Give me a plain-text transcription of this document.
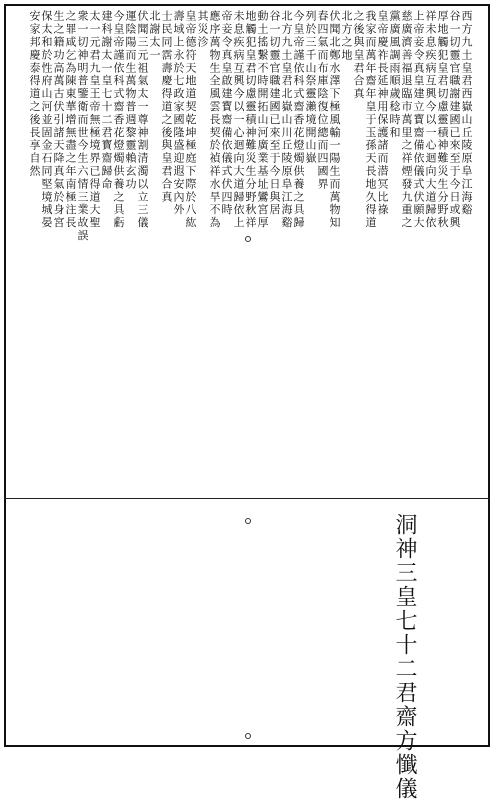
西方九土皇君西嶽山丘陵原阜江海谿
谷一切靈官職謝建國已來至于今日或興
厚地觸犯皇君切慮靈積神難災生分野秋
祥未息疾病互興今以一心迴向大道歸依
上帝妾令真皇建立寳齋備依儀式伏願大
慈廣濟善福退臨市萬里之祥煙發九重之
黨廣風調雨順歲稔時和
皇帝慶祚長延神用保護諸而潜冥比祿
我家而萬年齋年皇于玉孫天長地久得道
之後與皇君合真
北方之地
伏聞北鄭水澤下極風輸一陽生而萬物知
春四氣而布庫陰復位總而四國界
列於三千山祭靈瀨境開山嶽
今皇帝謹依科式齋香花燈燭供養之具歸
北方九土皇君北嶽山川丘陵原阜江海谿
谷一切靈官職建國已來至于今日與居
動土搖繫不時開拓山河廣業基址鸞宮厚
地觸犯皇君切慮靈積神難災生分野秋祥
未息疾病互興今以一心迴向大道歸依上
帝妾令真皇啟建寳齋備依儀式伏四時
應序萬物生全風雲長契於禎祥水旱不為
其災沴
皇帝德符天地道契乾坤極庭下際於八紘
壽域上永於七政家國隆盛迎遐安內外
士民同霑壽慶得道之後與皇君合真
北謝太一
伏聞三元祖氣太一尊神割清濁以立三儀
運陰陽而生萬物普週黎靈賴玄功
今皇帝謹依科式齋香花燈燭供養之具虧
建科謝太一皇七十二君寳齋歸命
太一元君九皇王帝無極境界已得道大聖
衆一切神明普鑒衛而世今生六情三業故誤
之罪咸乞為陳東華增無盡之年南極注長
生之籍功高萬古伏引諸天降真氣於身宮
保太和於性府山河並固金石同堅境城晏
安家邦慶泰得道之後長享自然
洞神三皇七十二君齋方懺儀
